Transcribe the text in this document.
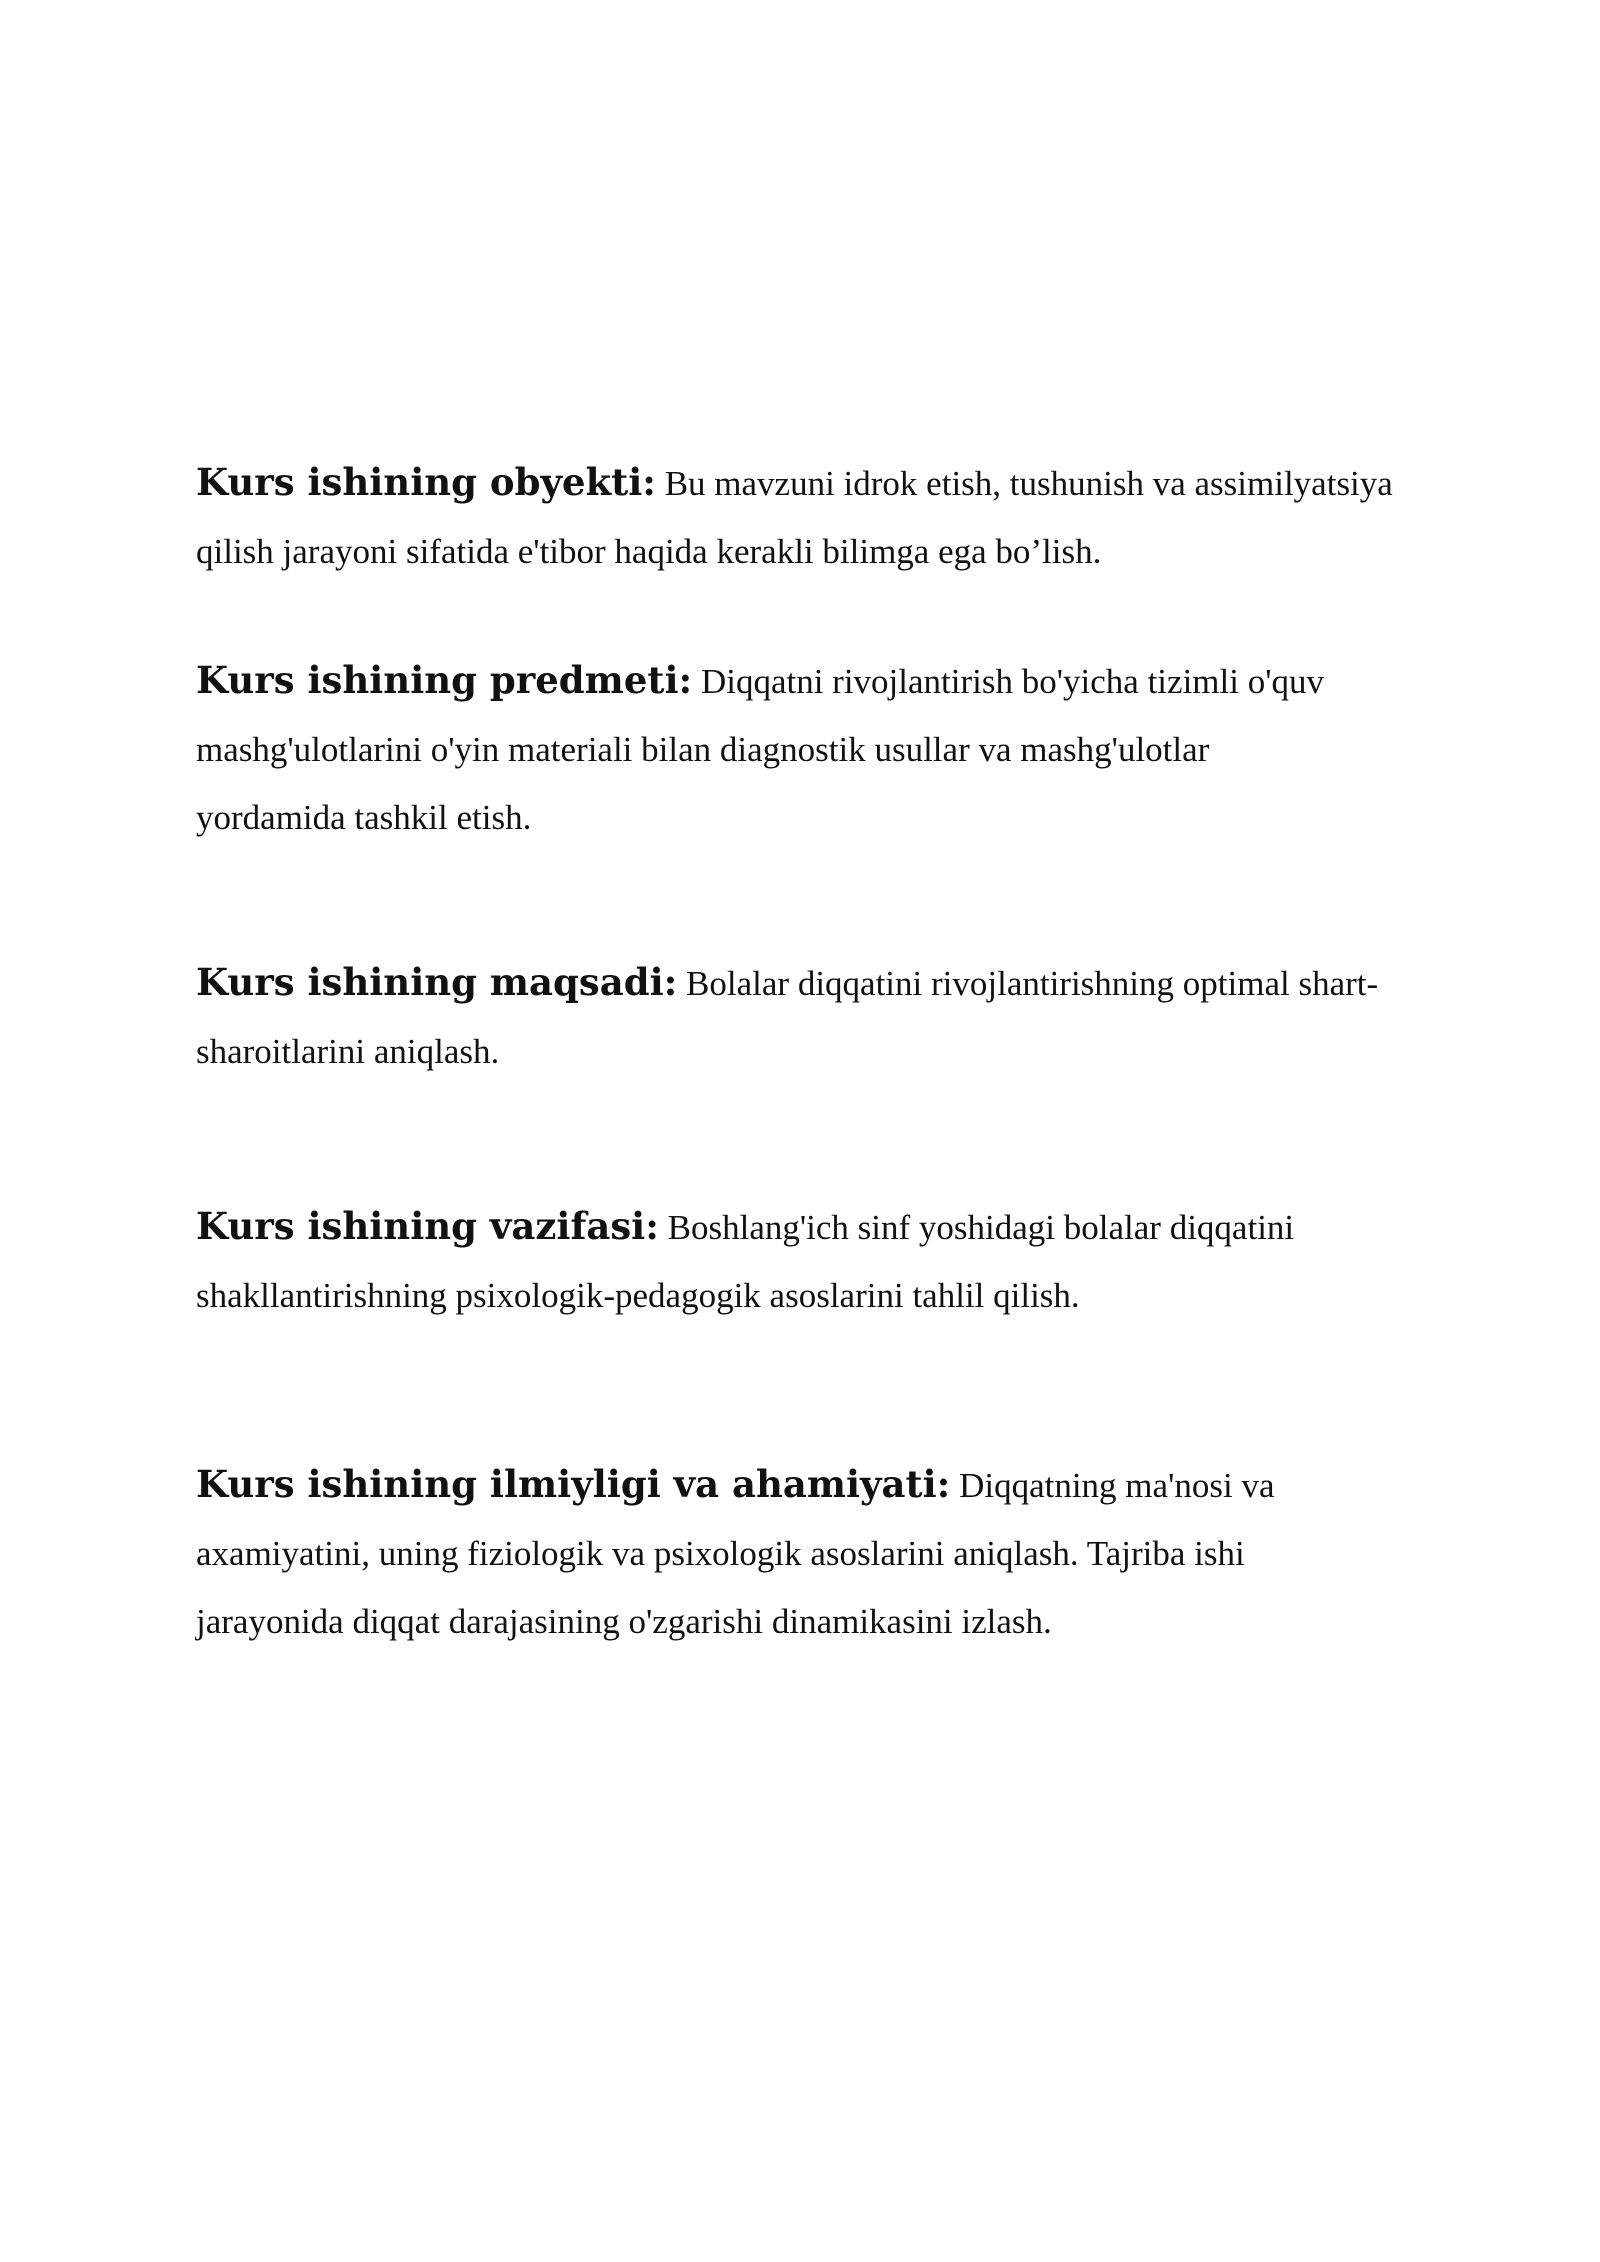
Kurs ishining obyekti: Bu mavzuni idrok etish, tushunish va assimilyatsiya
qilish jarayoni sifatida e'tibor haqida kerakli bilimga ega bo’lish.

Kurs ishining predmeti: Diqqatni rivojlantirish bo'yicha tizimli o'quv
mashg'ulotlarini o'yin materiali bilan diagnostik usullar va mashg'ulotlar
yordamida tashkil etish.

Kurs ishining maqsadi: Bolalar diqqatini rivojlantirishning optimal shart-
sharoitlarini aniqlash.

Kurs ishining vazifasi: Boshlang'ich sinf yoshidagi bolalar diqqatini
shakllantirishning psixologik-pedagogik asoslarini tahlil qilish.

Kurs ishining ilmiyligi va ahamiyati: Diqqatning ma'nosi va
axamiyatini, uning fiziologik va psixologik asoslarini aniqlash. Tajriba ishi
jarayonida diqqat darajasining o'zgarishi dinamikasini izlash.
